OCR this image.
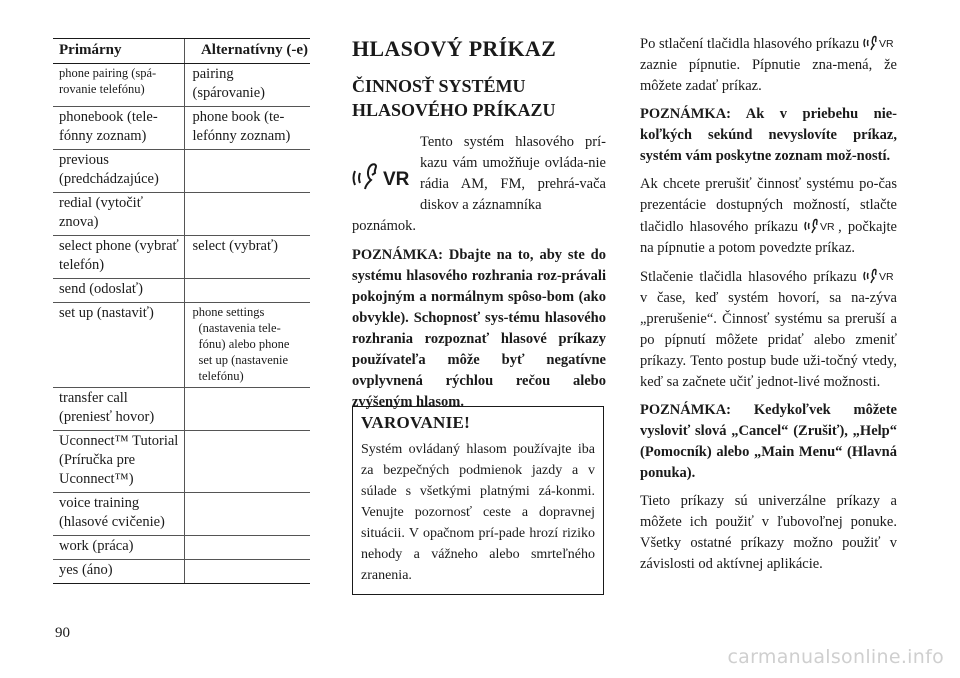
Primárny	Alternatívny (-e)
phone pairing (spá-rovanie telefónu)	pairing (spárovanie)
phonebook (tele-fónny zoznam)	phone book (te-lefónny zoznam)
previous (predchádzajúce)	
redial (vytočiť znova)	
select phone (vybrať telefón)	select (vybrať)
send (odoslať)	
set up (nastaviť)	phone settings (nastavenia tele-fónu) alebo phone set up (nastavenie telefónu)
transfer call (preniesť hovor)	
Uconnect™ Tutorial (Príručka pre Uconnect™)	
voice training (hlasové cvičenie)	
work (práca)	
yes (áno)	
HLASOVÝ PRÍKAZ
ČINNOSŤ SYSTÉMU HLASOVÉHO PRÍKAZU
VR

Tento systém hlasového prí-kazu vám umožňuje ovláda-nie rádia AM, FM, prehrá-vača diskov a záznamníka

poznámok.

POZNÁMKA: Dbajte na to, aby ste do systému hlasového rozhrania roz-právali pokojným a normálnym spôso-bom (ako obvykle). Schopnosť sys-tému hlasového rozhrania rozpoznať hlasové príkazy používateľa môže byť negatívne ovplyvnená rýchlou rečou alebo zvýšeným hlasom.

VAROVANIE!

Systém ovládaný hlasom používajte iba za bezpečných podmienok jazdy a v súlade s všetkými platnými zá-konmi. Venujte pozornosť ceste a dopravnej situácii. V opačnom prí-pade hrozí riziko nehody a vážneho alebo smrteľného zranenia.

Po stlačení tlačidla hlasového príkazu VR
zaznie pípnutie. Pípnutie zna-mená, že môžete zadať príkaz.

POZNÁMKA: Ak v priebehu nie-koľkých sekúnd nevyslovíte príkaz, systém vám poskytne zoznam mož-ností.

Ak chcete prerušiť činnosť systému po-čas prezentácie dostupných možností, stlačte tlačidlo hlasového príkazu VR , počkajte na pípnutie a potom povedzte príkaz.

Stlačenie tlačidla hlasového príkazu VR
v čase, keď systém hovorí, sa na-zýva „prerušenie“. Činnosť systému sa preruší a po pípnutí môžete pridať alebo zmeniť príkazy. Tento postup bude uži-točný vtedy, keď sa začnete učiť jednot-livé možnosti.

POZNÁMKA: Kedykoľvek môžete vysloviť slová „Cancel“ (Zrušiť), „Help“ (Pomocník) alebo „Main Menu“ (Hlavná ponuka).

Tieto príkazy sú univerzálne príkazy a môžete ich použiť v ľubovoľnej ponuke. Všetky ostatné príkazy možno použiť v závislosti od aktívnej aplikácie.

90
carmanualsonline.info
